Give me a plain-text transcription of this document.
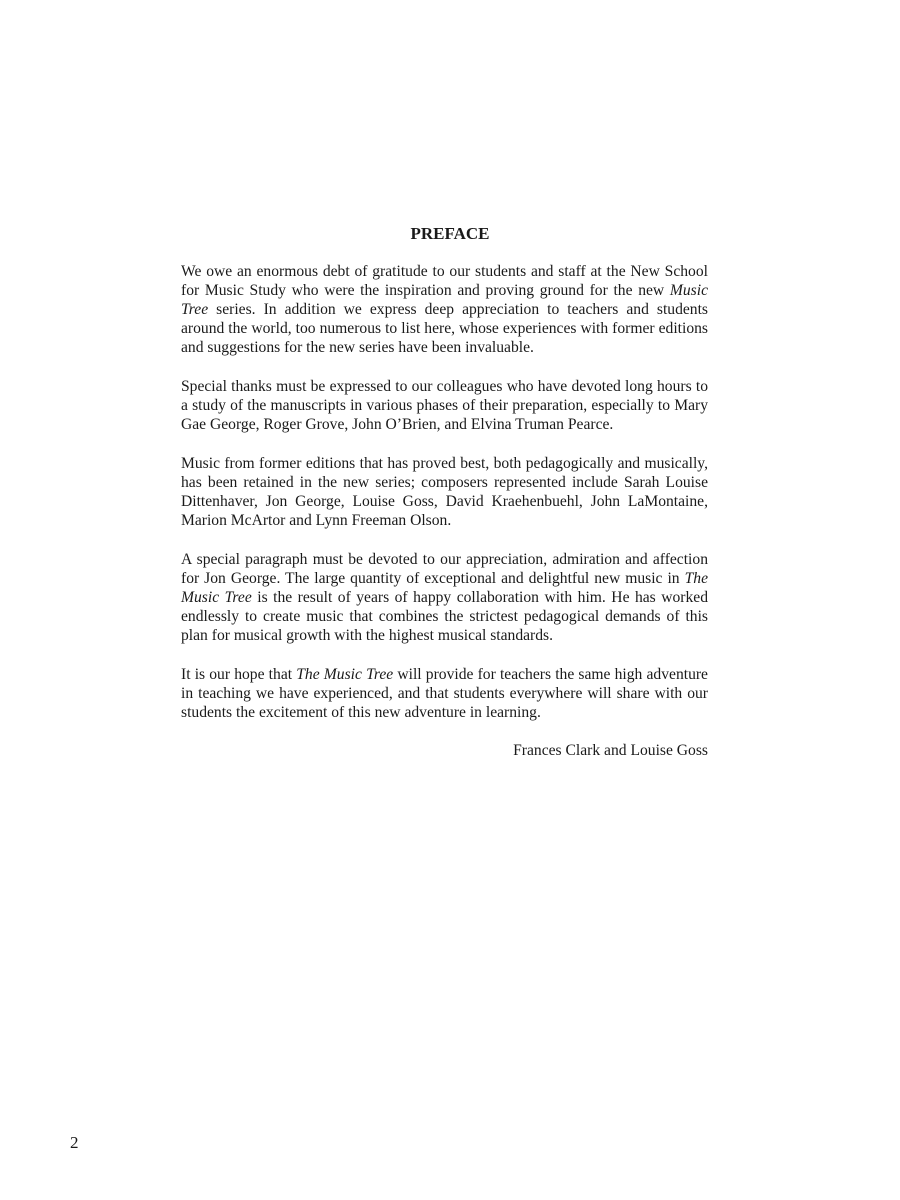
PREFACE

We owe an enormous debt of gratitude to our students and staff at the New School for Music Study who were the inspiration and proving ground for the new Music Tree series. In addition we express deep appreciation to teachers and students around the world, too numerous to list here, whose experiences with former editions and suggestions for the new series have been invaluable.

Special thanks must be expressed to our colleagues who have devoted long hours to a study of the manuscripts in various phases of their preparation, especially to Mary Gae George, Roger Grove, John O’Brien, and Elvina Truman Pearce.

Music from former editions that has proved best, both pedagogically and musically, has been retained in the new series; composers represented include Sarah Louise Dittenhaver, Jon George, Louise Goss, David Kraehenbuehl, John LaMontaine, Marion McArtor and Lynn Freeman Olson.

A special paragraph must be devoted to our appreciation, admiration and affection for Jon George. The large quantity of exceptional and delightful new music in The Music Tree is the result of years of happy collaboration with him. He has worked endlessly to create music that combines the strictest pedagogical demands of this plan for musical growth with the highest musical standards.

It is our hope that The Music Tree will provide for teachers the same high adventure in teaching we have experienced, and that students everywhere will share with our students the excitement of this new adventure in learning.

Frances Clark and Louise Goss

2
